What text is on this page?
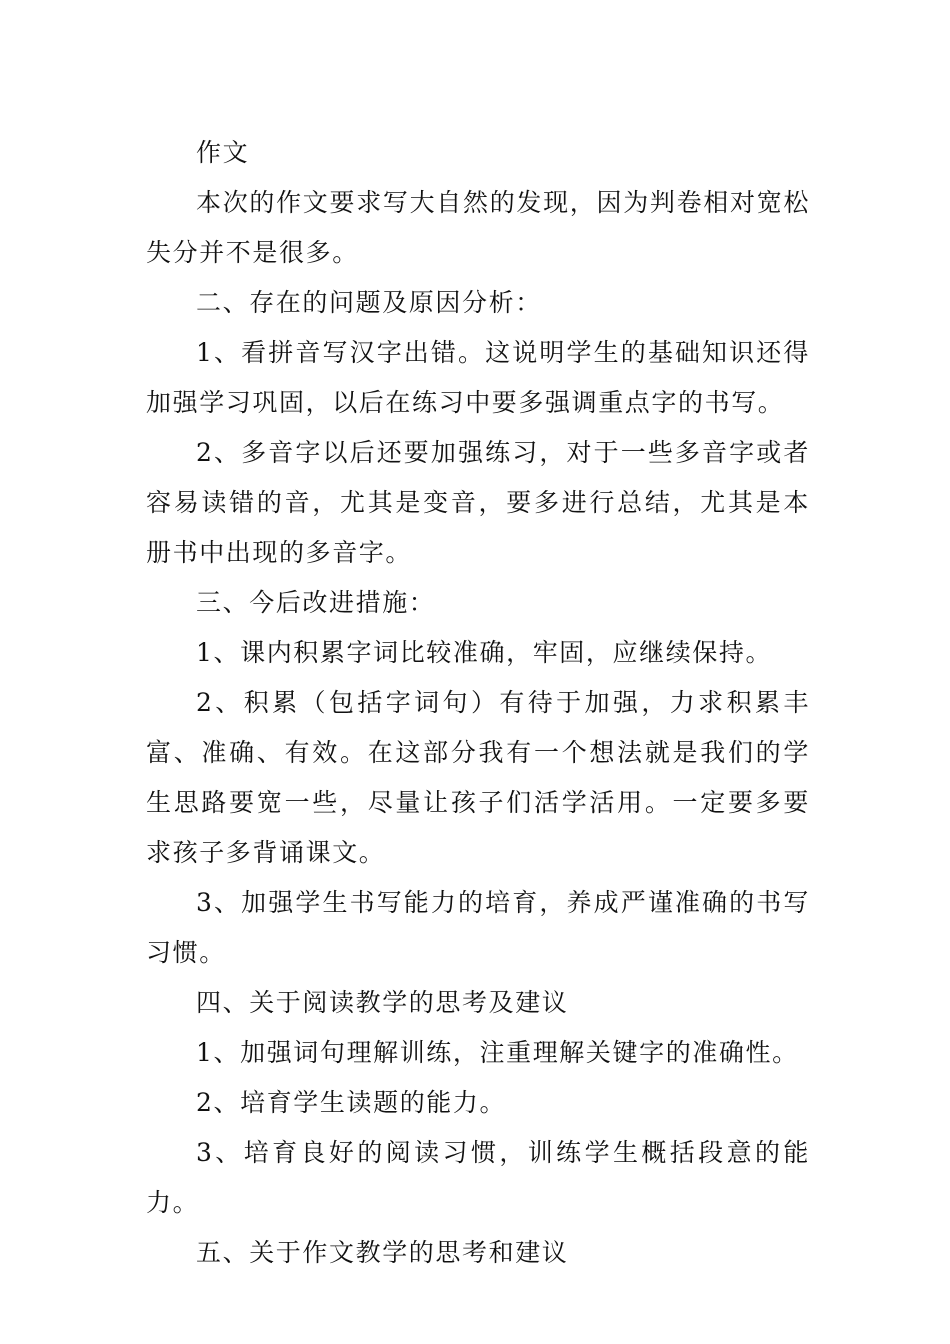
作文

本次的作文要求写大自然的发现，因为判卷相对宽松失分并不是很多。

二、存在的问题及原因分析：

1、看拼音写汉字出错。这说明学生的基础知识还得加强学习巩固，以后在练习中要多强调重点字的书写。

2、多音字以后还要加强练习，对于一些多音字或者容易读错的音，尤其是变音，要多进行总结，尤其是本册书中出现的多音字。

三、今后改进措施：

1、课内积累字词比较准确，牢固，应继续保持。

2、积累（包括字词句）有待于加强，力求积累丰富、准确、有效。在这部分我有一个想法就是我们的学生思路要宽一些，尽量让孩子们活学活用。一定要多要求孩子多背诵课文。

3、加强学生书写能力的培育，养成严谨准确的书写习惯。

四、关于阅读教学的思考及建议

1、加强词句理解训练，注重理解关键字的准确性。

2、培育学生读题的能力。

3、培育良好的阅读习惯，训练学生概括段意的能力。

五、关于作文教学的思考和建议
